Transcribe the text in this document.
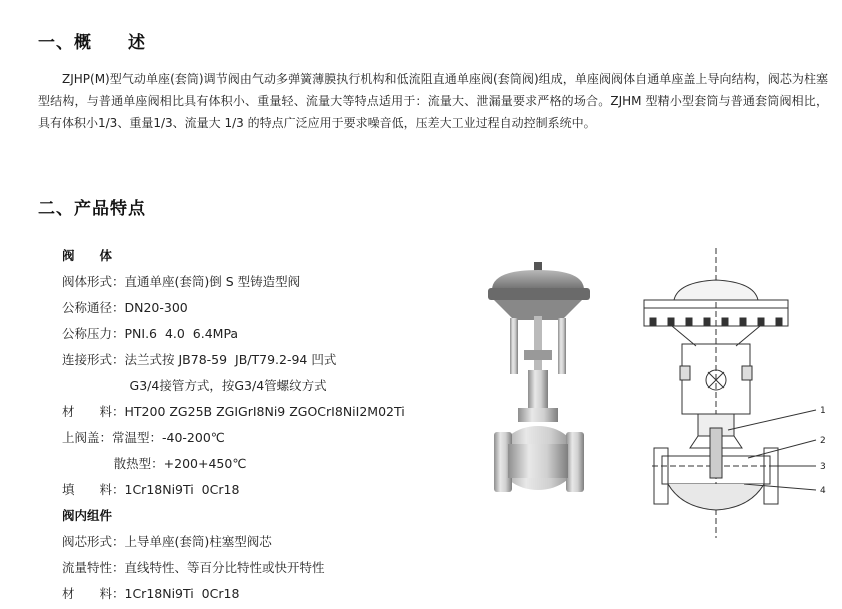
一、概　　述

ZJHP(M)型气动单座(套筒)调节阀由气动多弹簧薄膜执行机构和低流阻直通单座阀(套筒阀)组成，单座阀阀体自通单座盖上导向结构，阀芯为柱塞型结构，与普通单座阀相比具有体积小、重量轻、流量大等特点适用于：流量大、泄漏量要求严格的场合。ZJHM 型精小型套筒与普通套筒阀相比，具有体积小1/3、重量1/3、流量大 1/3 的特点广泛应用于要求噪音低，压差大工业过程自动控制系统中。

二、产品特点
阀　　体
阀体形式：直通单座(套筒)倒 S 型铸造型阀
公称通径：DN20-300
公称压力：PNI.6  4.0  6.4MPa
连接形式：法兰式按 JB78-59  JB/T79.2-94 凹式
G3/4接管方式，按G3/4管螺纹方式
材　　料：HT200 ZG25B ZGIGrI8Ni9 ZGOCrI8NiI2M02Ti
上阀盖：常温型：-40-200℃
散热型：+200+450℃
填　　料：1Cr18Ni9Ti  0Cr18
阀内组件
阀芯形式：上导单座(套筒)柱塞型阀芯
流量特性：直线特性、等百分比特性或快开特性
材　　料：1Cr18Ni9Ti  0Cr18
1
2
3
4
